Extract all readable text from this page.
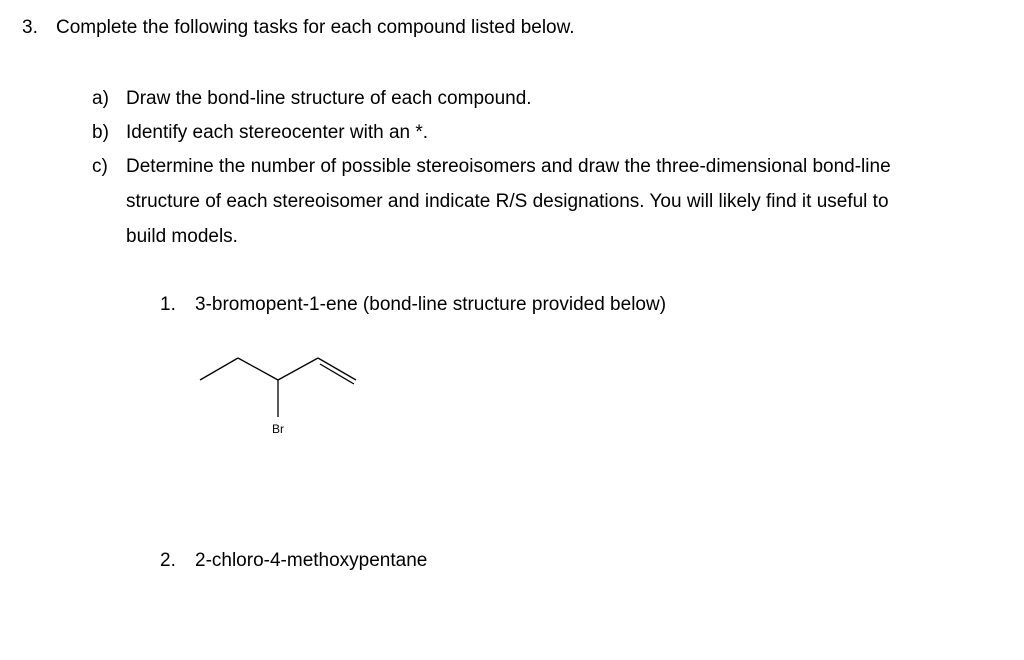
3. Complete the following tasks for each compound listed below.
a) Draw the bond-line structure of each compound.
b) Identify each stereocenter with an *.
c) Determine the number of possible stereoisomers and draw the three-dimensional bond-line
structure of each stereoisomer and indicate R/S designations. You will likely find it useful to
build models.
1. 3-bromopent-1-ene (bond-line structure provided below)
Br
2. 2-chloro-4-methoxypentane
